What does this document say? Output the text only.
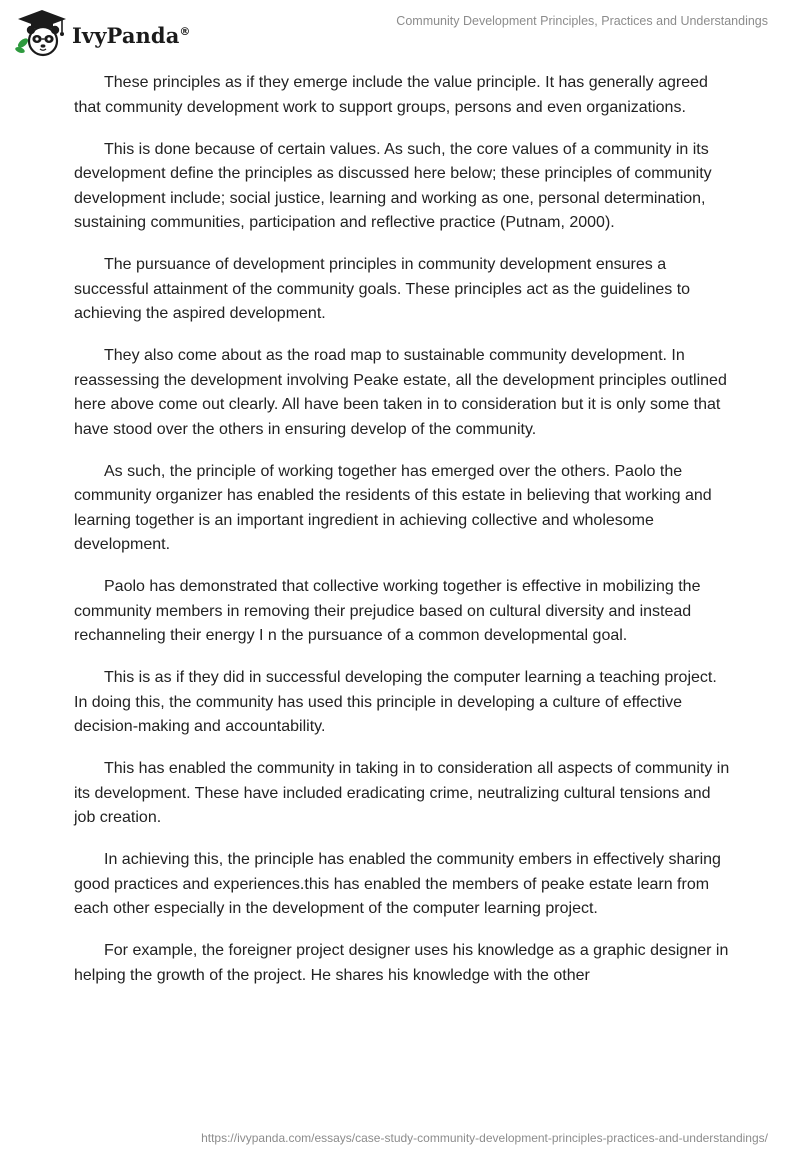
IvyPanda®
Community Development Principles, Practices and Understandings

These principles as if they emerge include the value principle. It has generally agreed that community development work to support groups, persons and even organizations.

This is done because of certain values. As such, the core values of a community in its development define the principles as discussed here below; these principles of community development include; social justice, learning and working as one, personal determination, sustaining communities, participation and reflective practice (Putnam, 2000).

The pursuance of development principles in community development ensures a successful attainment of the community goals. These principles act as the guidelines to achieving the aspired development.

They also come about as the road map to sustainable community development. In reassessing the development involving Peake estate, all the development principles outlined here above come out clearly. All have been taken in to consideration but it is only some that have stood over the others in ensuring develop of the community.

As such, the principle of working together has emerged over the others. Paolo the community organizer has enabled the residents of this estate in believing that working and learning together is an important ingredient in achieving collective and wholesome development.

Paolo has demonstrated that collective working together is effective in mobilizing the community members in removing their prejudice based on cultural diversity and instead rechanneling their energy I n the pursuance of a common developmental goal.

This is as if they did in successful developing the computer learning a teaching project. In doing this, the community has used this principle in developing a culture of effective decision-making and accountability.

This has enabled the community in taking in to consideration all aspects of community in its development. These have included eradicating crime, neutralizing cultural tensions and job creation.

In achieving this, the principle has enabled the community embers in effectively sharing good practices and experiences.this has enabled the members of peake estate learn from each other especially in the development of the computer learning project.

For example, the foreigner project designer uses his knowledge as a graphic designer in helping the growth of the project. He shares his knowledge with the other

https://ivypanda.com/essays/case-study-community-development-principles-practices-and-understandings/
